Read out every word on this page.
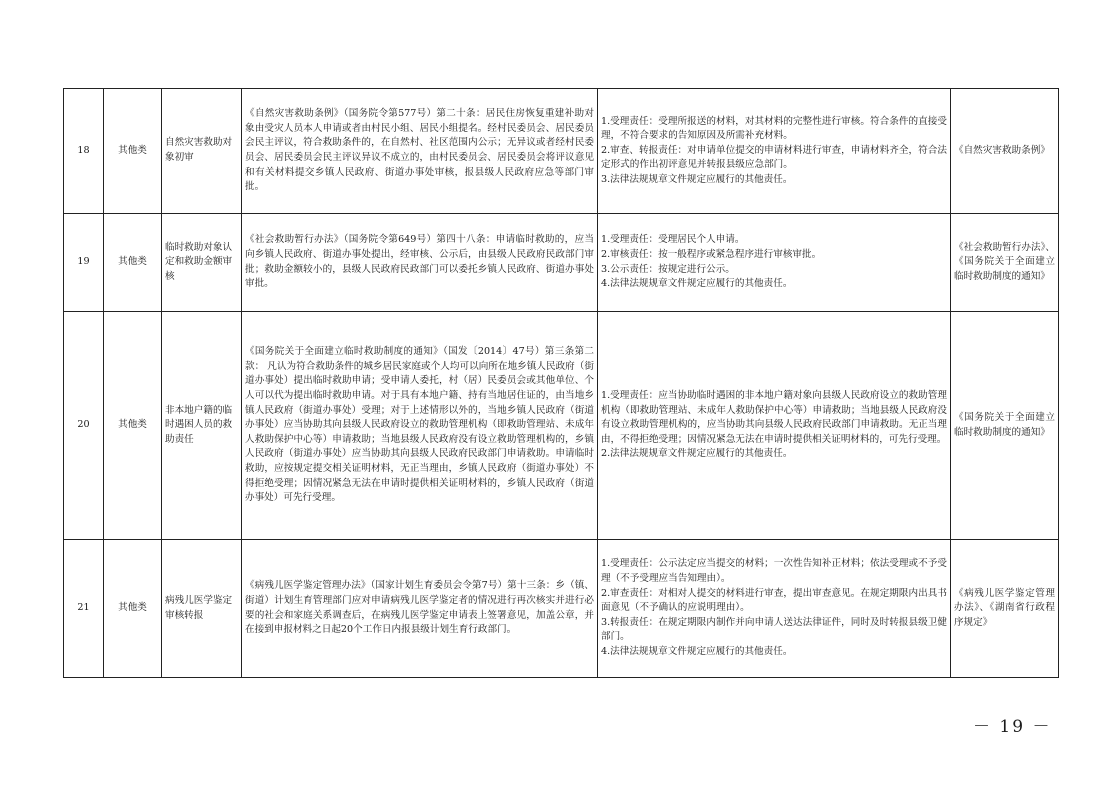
18	其他类	自然灾害救助对象初审	《自然灾害救助条例》（国务院令第577号）第二十条：居民住房恢复重建补助对象由受灾人员本人申请或者由村民小组、居民小组提名。经村民委员会、居民委员会民主评议，符合救助条件的，在自然村、社区范围内公示；无异议或者经村民委员会、居民委员会民主评议异议不成立的，由村民委员会、居民委员会将评议意见和有关材料提交乡镇人民政府、街道办事处审核，报县级人民政府应急等部门审批。	1.受理责任：受理所报送的材料，对其材料的完整性进行审核。符合条件的直接受理，不符合要求的告知原因及所需补充材料。
2.审查、转报责任：对申请单位提交的申请材料进行审查，申请材料齐全，符合法定形式的作出初评意见并转报县级应急部门。
3.法律法规规章文件规定应履行的其他责任。	《自然灾害救助条例》
19	其他类	临时救助对象认定和救助金额审核	《社会救助暂行办法》（国务院令第649号）第四十八条：申请临时救助的，应当向乡镇人民政府、街道办事处提出，经审核、公示后，由县级人民政府民政部门审批；救助金额较小的，县级人民政府民政部门可以委托乡镇人民政府、街道办事处审批。	1.受理责任：受理居民个人申请。
2.审核责任：按一般程序或紧急程序进行审核审批。
3.公示责任：按规定进行公示。
4.法律法规规章文件规定应履行的其他责任。	《社会救助暂行办法》、《国务院关于全面建立临时救助制度的通知》
20	其他类	非本地户籍的临时遇困人员的救助责任	《国务院关于全面建立临时救助制度的通知》（国发〔2014〕47号）第三条第二款： 凡认为符合救助条件的城乡居民家庭或个人均可以向所在地乡镇人民政府（街道办事处）提出临时救助申请；受申请人委托，村（居）民委员会或其他单位、个人可以代为提出临时救助申请。对于具有本地户籍、持有当地居住证的，由当地乡镇人民政府（街道办事处）受理；对于上述情形以外的，当地乡镇人民政府（街道办事处）应当协助其向县级人民政府设立的救助管理机构（即救助管理站、未成年人救助保护中心等）申请救助；当地县级人民政府没有设立救助管理机构的，乡镇人民政府（街道办事处）应当协助其向县级人民政府民政部门申请救助。申请临时救助，应按规定提交相关证明材料，无正当理由，乡镇人民政府（街道办事处）不得拒绝受理；因情况紧急无法在申请时提供相关证明材料的，乡镇人民政府（街道办事处）可先行受理。	1.受理责任：应当协助临时遇困的非本地户籍对象向县级人民政府设立的救助管理机构（即救助管理站、未成年人救助保护中心等）申请救助；当地县级人民政府没有设立救助管理机构的，应当协助其向县级人民政府民政部门申请救助。无正当理由，不得拒绝受理；因情况紧急无法在申请时提供相关证明材料的，可先行受理。
2.法律法规规章文件规定应履行的其他责任。	《国务院关于全面建立临时救助制度的通知》
21	其他类	病残儿医学鉴定审核转报	《病残儿医学鉴定管理办法》（国家计划生育委员会令第7号）第十三条：乡（镇、街道）计划生育管理部门应对申请病残儿医学鉴定者的情况进行再次核实并进行必要的社会和家庭关系调查后，在病残儿医学鉴定申请表上签署意见，加盖公章，并在接到申报材料之日起20个工作日内报县级计划生育行政部门。	1.受理责任：公示法定应当提交的材料；一次性告知补正材料；依法受理或不予受理（不予受理应当告知理由）。
2.审查责任：对相对人提交的材料进行审查，提出审查意见。在规定期限内出具书面意见（不予确认的应说明理由）。
3.转报责任：在规定期限内制作并向申请人送达法律证件，同时及时转报县级卫健部门。
4.法律法规规章文件规定应履行的其他责任。	《病残儿医学鉴定管理办法》、《湖南省行政程序规定》
－ 19 －
